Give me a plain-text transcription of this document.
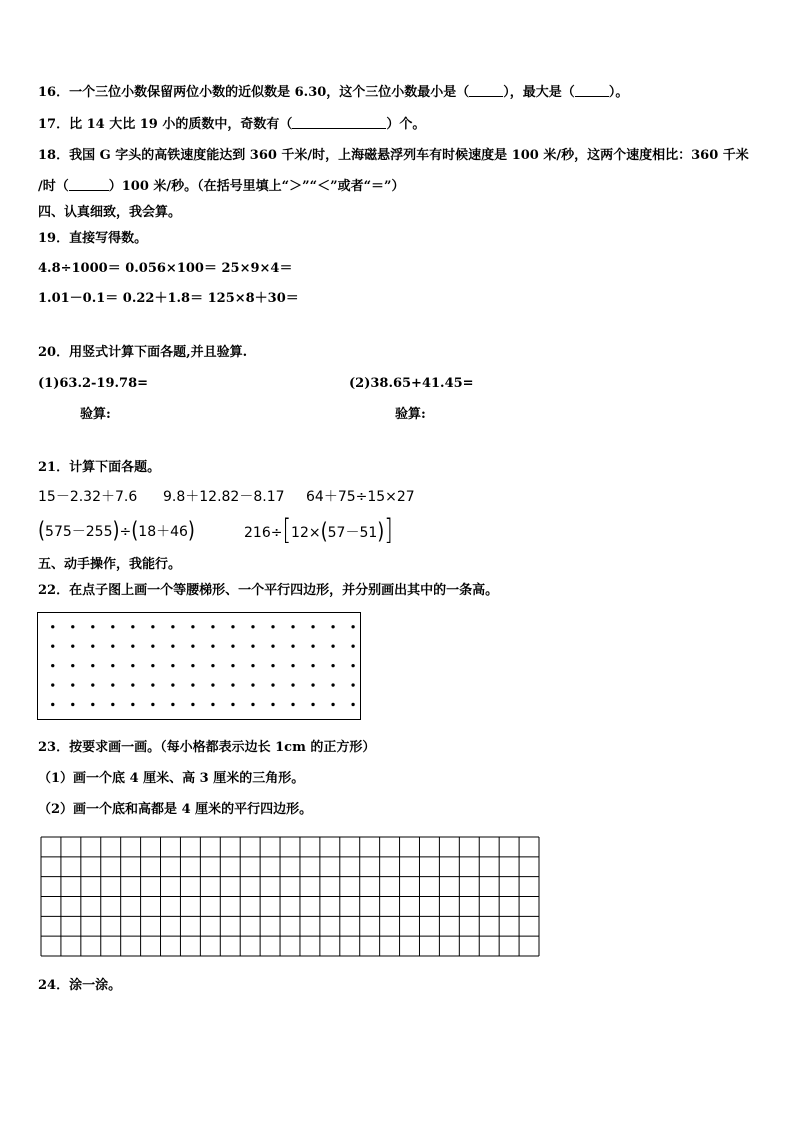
16．一个三位小数保留两位小数的近似数是 6.30，这个三位小数最小是（	），最大是（	）。
17．比 14 大比 19 小的质数中，奇数有（	）个。
18．我国 G 字头的高铁速度能达到 360 千米/时，上海磁悬浮列车有时候速度是 100 米/秒，这两个速度相比：360 千米
/时（	）100 米/秒。（在括号里填上“＞”“＜”或者“＝”）
四、认真细致，我会算。
19．直接写得数。
4.8÷1000＝ 0.056×100＝ 25×9×4＝
1.01－0.1＝ 0.22＋1.8＝ 125×8＋30＝
20．用竖式计算下面各题,并且验算.
(1)63.2-19.78=	(2)38.65+41.45=
验算:	验算:
21．计算下面各题。
15－2.32＋7.6 9.8＋12.82－8.17 64＋75÷15×27
(575－255)÷(18＋46)	216÷[12×(57－51)]
五、动手操作，我能行。
22．在点子图上画一个等腰梯形、一个平行四边形，并分别画出其中的一条高。
23．按要求画一画。（每小格都表示边长 1cm 的正方形）
（1）画一个底 4 厘米、高 3 厘米的三角形。
（2）画一个底和高都是 4 厘米的平行四边形。
24．涂一涂。
